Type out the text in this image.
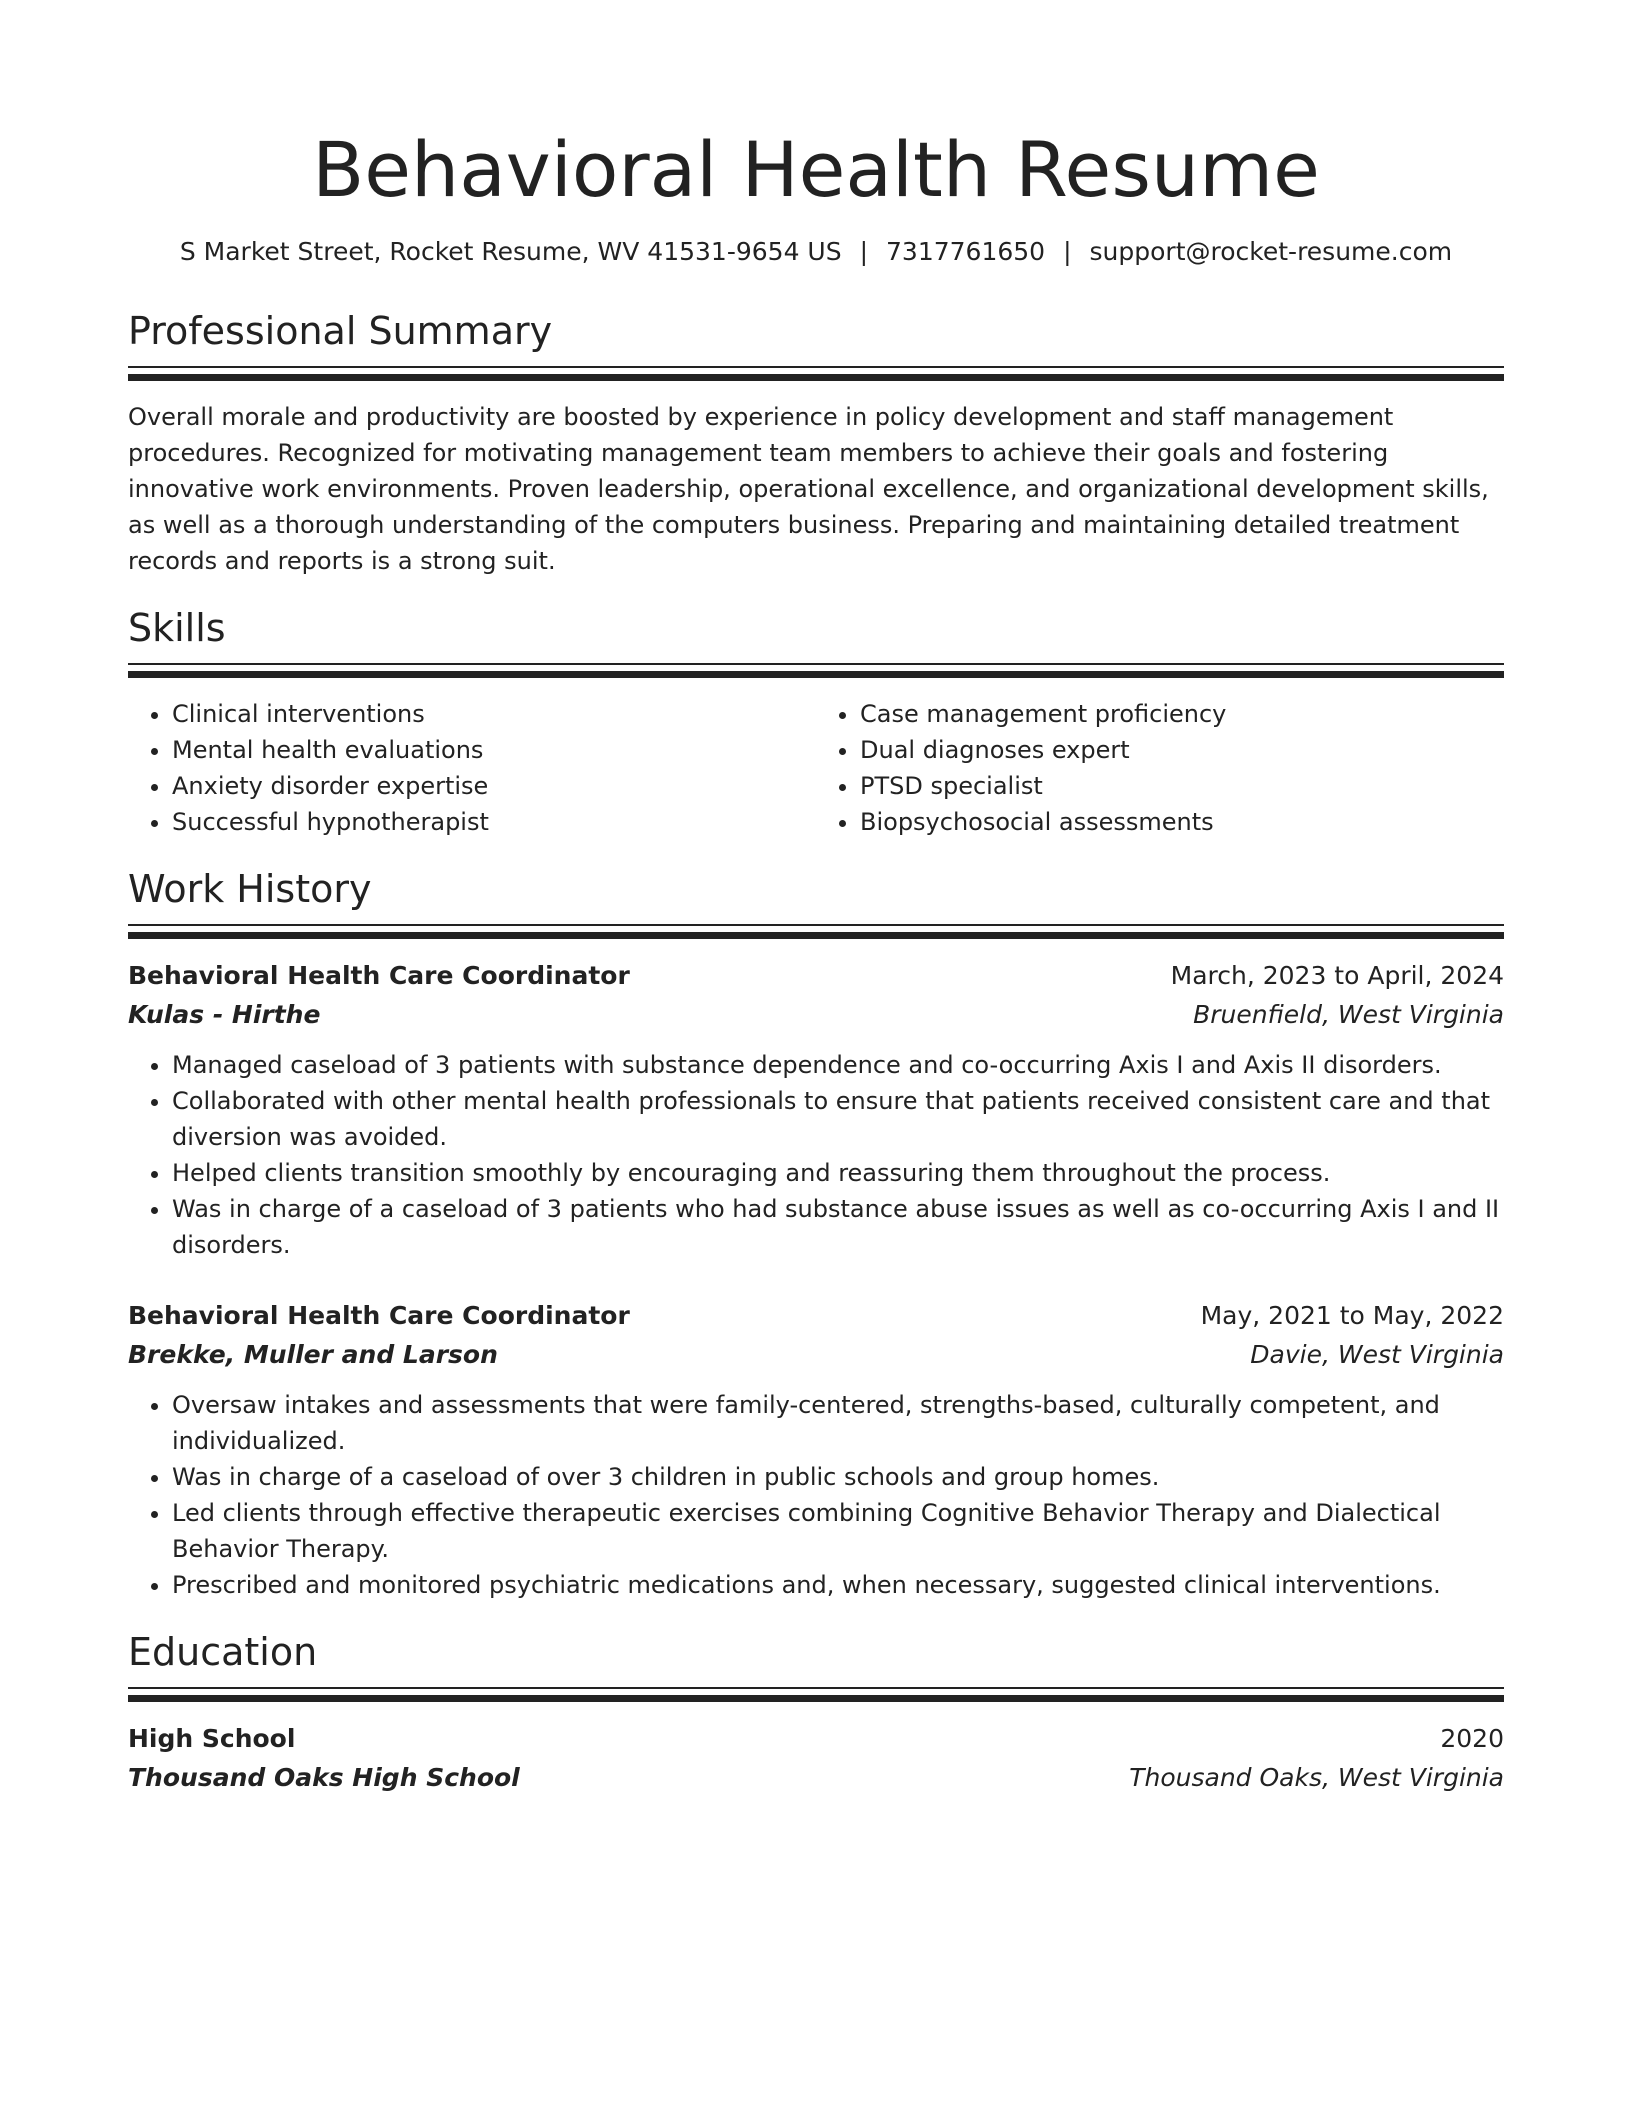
Behavioral Health Resume
S Market Street, Rocket Resume, WV 41531-9654 US | 7317761650 | support@rocket-resume.com
Professional Summary

Overall morale and productivity are boosted by experience in policy development and staff management procedures. Recognized for motivating management team members to achieve their goals and fostering innovative work environments. Proven leadership, operational excellence, and organizational development skills, as well as a thorough understanding of the computers business. Preparing and maintaining detailed treatment records and reports is a strong suit.

Skills
• Clinical interventions
• Mental health evaluations
• Anxiety disorder expertise
• Successful hypnotherapist
• Case management proficiency
• Dual diagnoses expert
• PTSD specialist
• Biopsychosocial assessments
Work History
Behavioral Health Care Coordinator	March, 2023 to April, 2024
Kulas - Hirthe	Bruenfield, West Virginia
• Managed caseload of 3 patients with substance dependence and co-occurring Axis I and Axis II disorders.
• Collaborated with other mental health professionals to ensure that patients received consistent care and that diversion was avoided.
• Helped clients transition smoothly by encouraging and reassuring them throughout the process.
• Was in charge of a caseload of 3 patients who had substance abuse issues as well as co-occurring Axis I and II disorders.
Behavioral Health Care Coordinator	May, 2021 to May, 2022
Brekke, Muller and Larson	Davie, West Virginia
• Oversaw intakes and assessments that were family-centered, strengths-based, culturally competent, and individualized.
• Was in charge of a caseload of over 3 children in public schools and group homes.
• Led clients through effective therapeutic exercises combining Cognitive Behavior Therapy and Dialectical Behavior Therapy.
• Prescribed and monitored psychiatric medications and, when necessary, suggested clinical interventions.
Education
High School	2020
Thousand Oaks High School	Thousand Oaks, West Virginia
